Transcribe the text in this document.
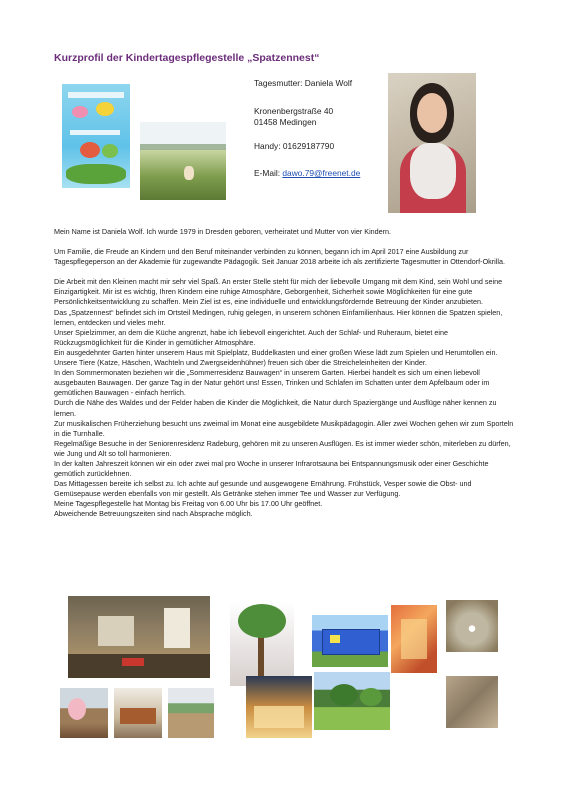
Kurzprofil der Kindertagespflegestelle „Spatzennest“
Tagesmutter: Daniela Wolf
Kronenbergstraße 40
01458 Medingen
Handy: 01629187790
E-Mail: dawo.79@freenet.de

Mein Name ist Daniela Wolf. Ich wurde 1979 in Dresden geboren, verheiratet und Mutter von vier Kindern.

Um Familie, die Freude an Kindern und den Beruf miteinander verbinden zu können, begann ich im April 2017 eine Ausbildung zur Tagespflegeperson an der Akademie für zugewandte Pädagogik. Seit Januar 2018 arbeite ich als zertifizierte Tagesmutter in Ottendorf-Okrilla.

Die Arbeit mit den Kleinen macht mir sehr viel Spaß. An erster Stelle steht für mich der liebevolle Umgang mit dem Kind, sein Wohl und seine Einzigartigkeit. Mir ist es wichtig, Ihren Kindern eine ruhige Atmosphäre, Geborgenheit, Sicherheit sowie Möglichkeiten für eine gute Persönlichkeitsentwicklung zu schaffen. Mein Ziel ist es, eine individuelle und entwicklungsfördernde Betreuung der Kinder anzubieten.

Das „Spatzennest“ befindet sich im Ortsteil Medingen, ruhig gelegen, in unserem schönen Einfamilienhaus. Hier können die Spatzen spielen, lernen, entdecken und vieles mehr.

Unser Spielzimmer, an dem die Küche angrenzt, habe ich liebevoll eingerichtet. Auch der Schlaf- und Ruheraum, bietet eine Rückzugsmöglichkeit für die Kinder in gemütlicher Atmosphäre.

Ein ausgedehnter Garten hinter unserem Haus mit Spielplatz, Buddelkasten und einer großen Wiese lädt zum Spielen und Herumtollen ein. Unsere Tiere (Katze, Häschen, Wachteln und Zwergseidenhühner) freuen sich über die Streicheleinheiten der Kinder.

In den Sommermonaten beziehen wir die „Sommerresidenz Bauwagen“ in unserem Garten. Hierbei handelt es sich um einen liebevoll ausgebauten Bauwagen. Der ganze Tag in der Natur gehört uns! Essen, Trinken und Schlafen im Schatten unter dem Apfelbaum oder im gemütlichen Bauwagen - einfach herrlich.

Durch die Nähe des Waldes und der Felder haben die Kinder die Möglichkeit, die Natur durch Spaziergänge und Ausflüge näher kennen zu lernen.

Zur musikalischen Früherziehung besucht uns zweimal im Monat eine ausgebildete Musikpädagogin. Aller zwei Wochen gehen wir zum Sporteln in die Turnhalle.

Regelmäßige Besuche in der Seniorenresidenz Radeburg, gehören mit zu unseren Ausflügen. Es ist immer wieder schön, miterleben zu dürfen, wie Jung und Alt so toll harmonieren.

In der kalten Jahreszeit können wir ein oder zwei mal pro Woche in unserer Infrarotsauna bei Entspannungsmusik oder einer Geschichte gemütlich zurücklehnen.

Das Mittagessen bereite ich selbst zu. Ich achte auf gesunde und ausgewogene Ernährung. Frühstück, Vesper sowie die Obst- und Gemüsepause werden ebenfalls von mir gestellt. Als Getränke stehen immer Tee und Wasser zur Verfügung.

Meine Tagespflegestelle hat Montag bis Freitag von 6.00 Uhr bis 17.00 Uhr geöffnet.

Abweichende Betreuungszeiten sind nach Absprache möglich.
